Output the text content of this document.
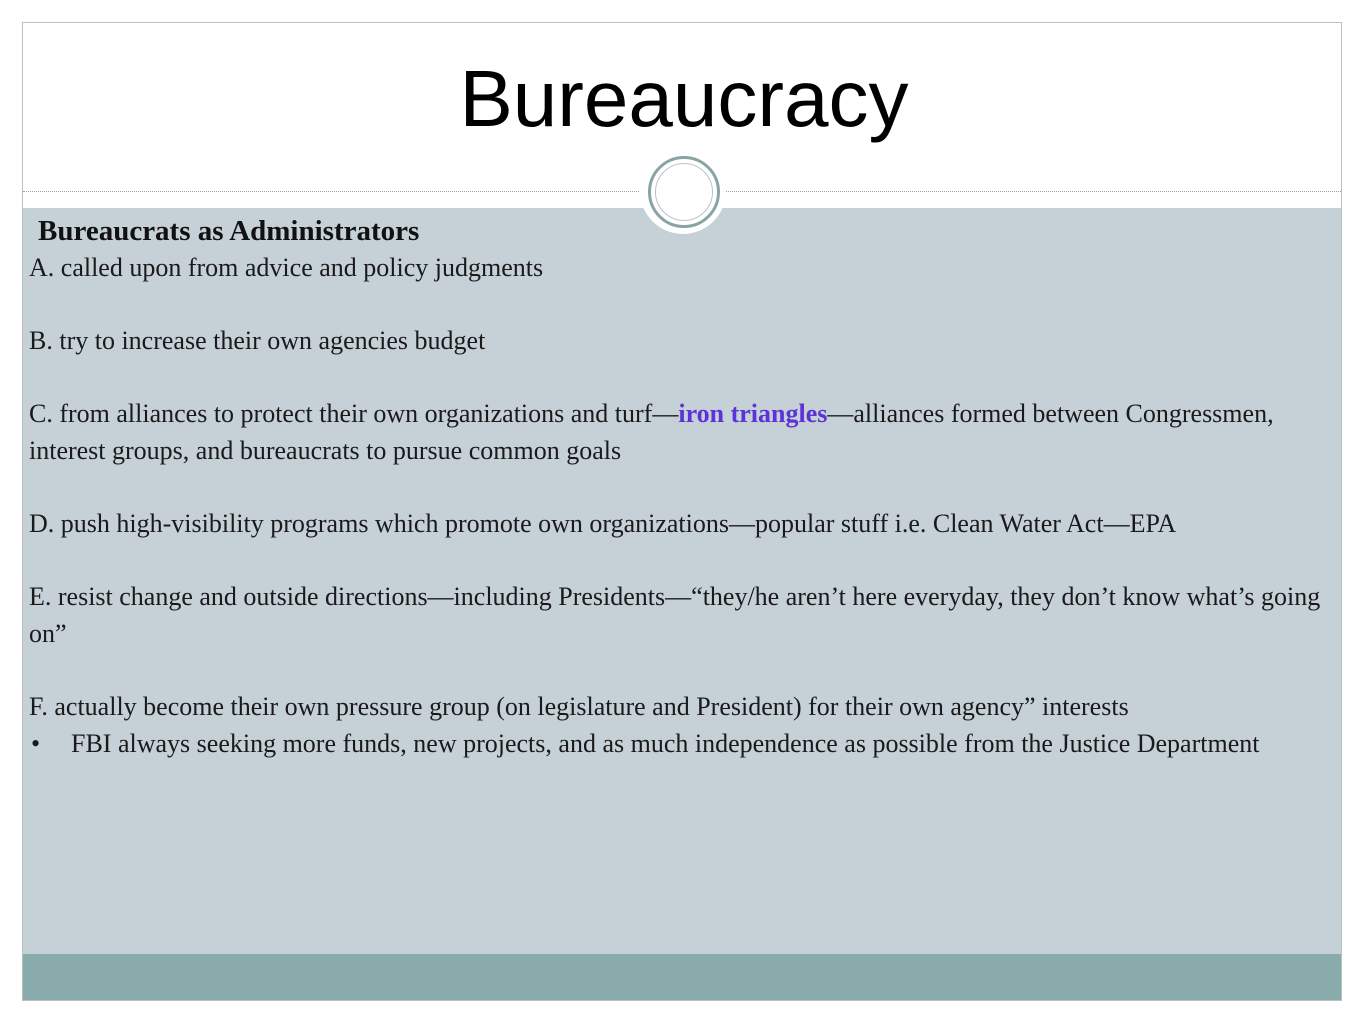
Bureaucracy
Bureaucrats as Administrators
A. called upon from advice and policy judgments
B. try to increase their own agencies budget
C. from alliances to protect their own organizations and turf—iron triangles—alliances formed between Congressmen, interest groups, and bureaucrats to pursue common goals
D. push high-visibility programs which promote own organizations—popular stuff i.e. Clean Water Act—EPA
E. resist change and outside directions—including Presidents—“they/he aren’t here everyday, they don’t know what’s going on”
F. actually become their own pressure group (on legislature and President) for their own agency” interests
• FBI always seeking more funds, new projects, and as much independence as possible from the Justice Department
